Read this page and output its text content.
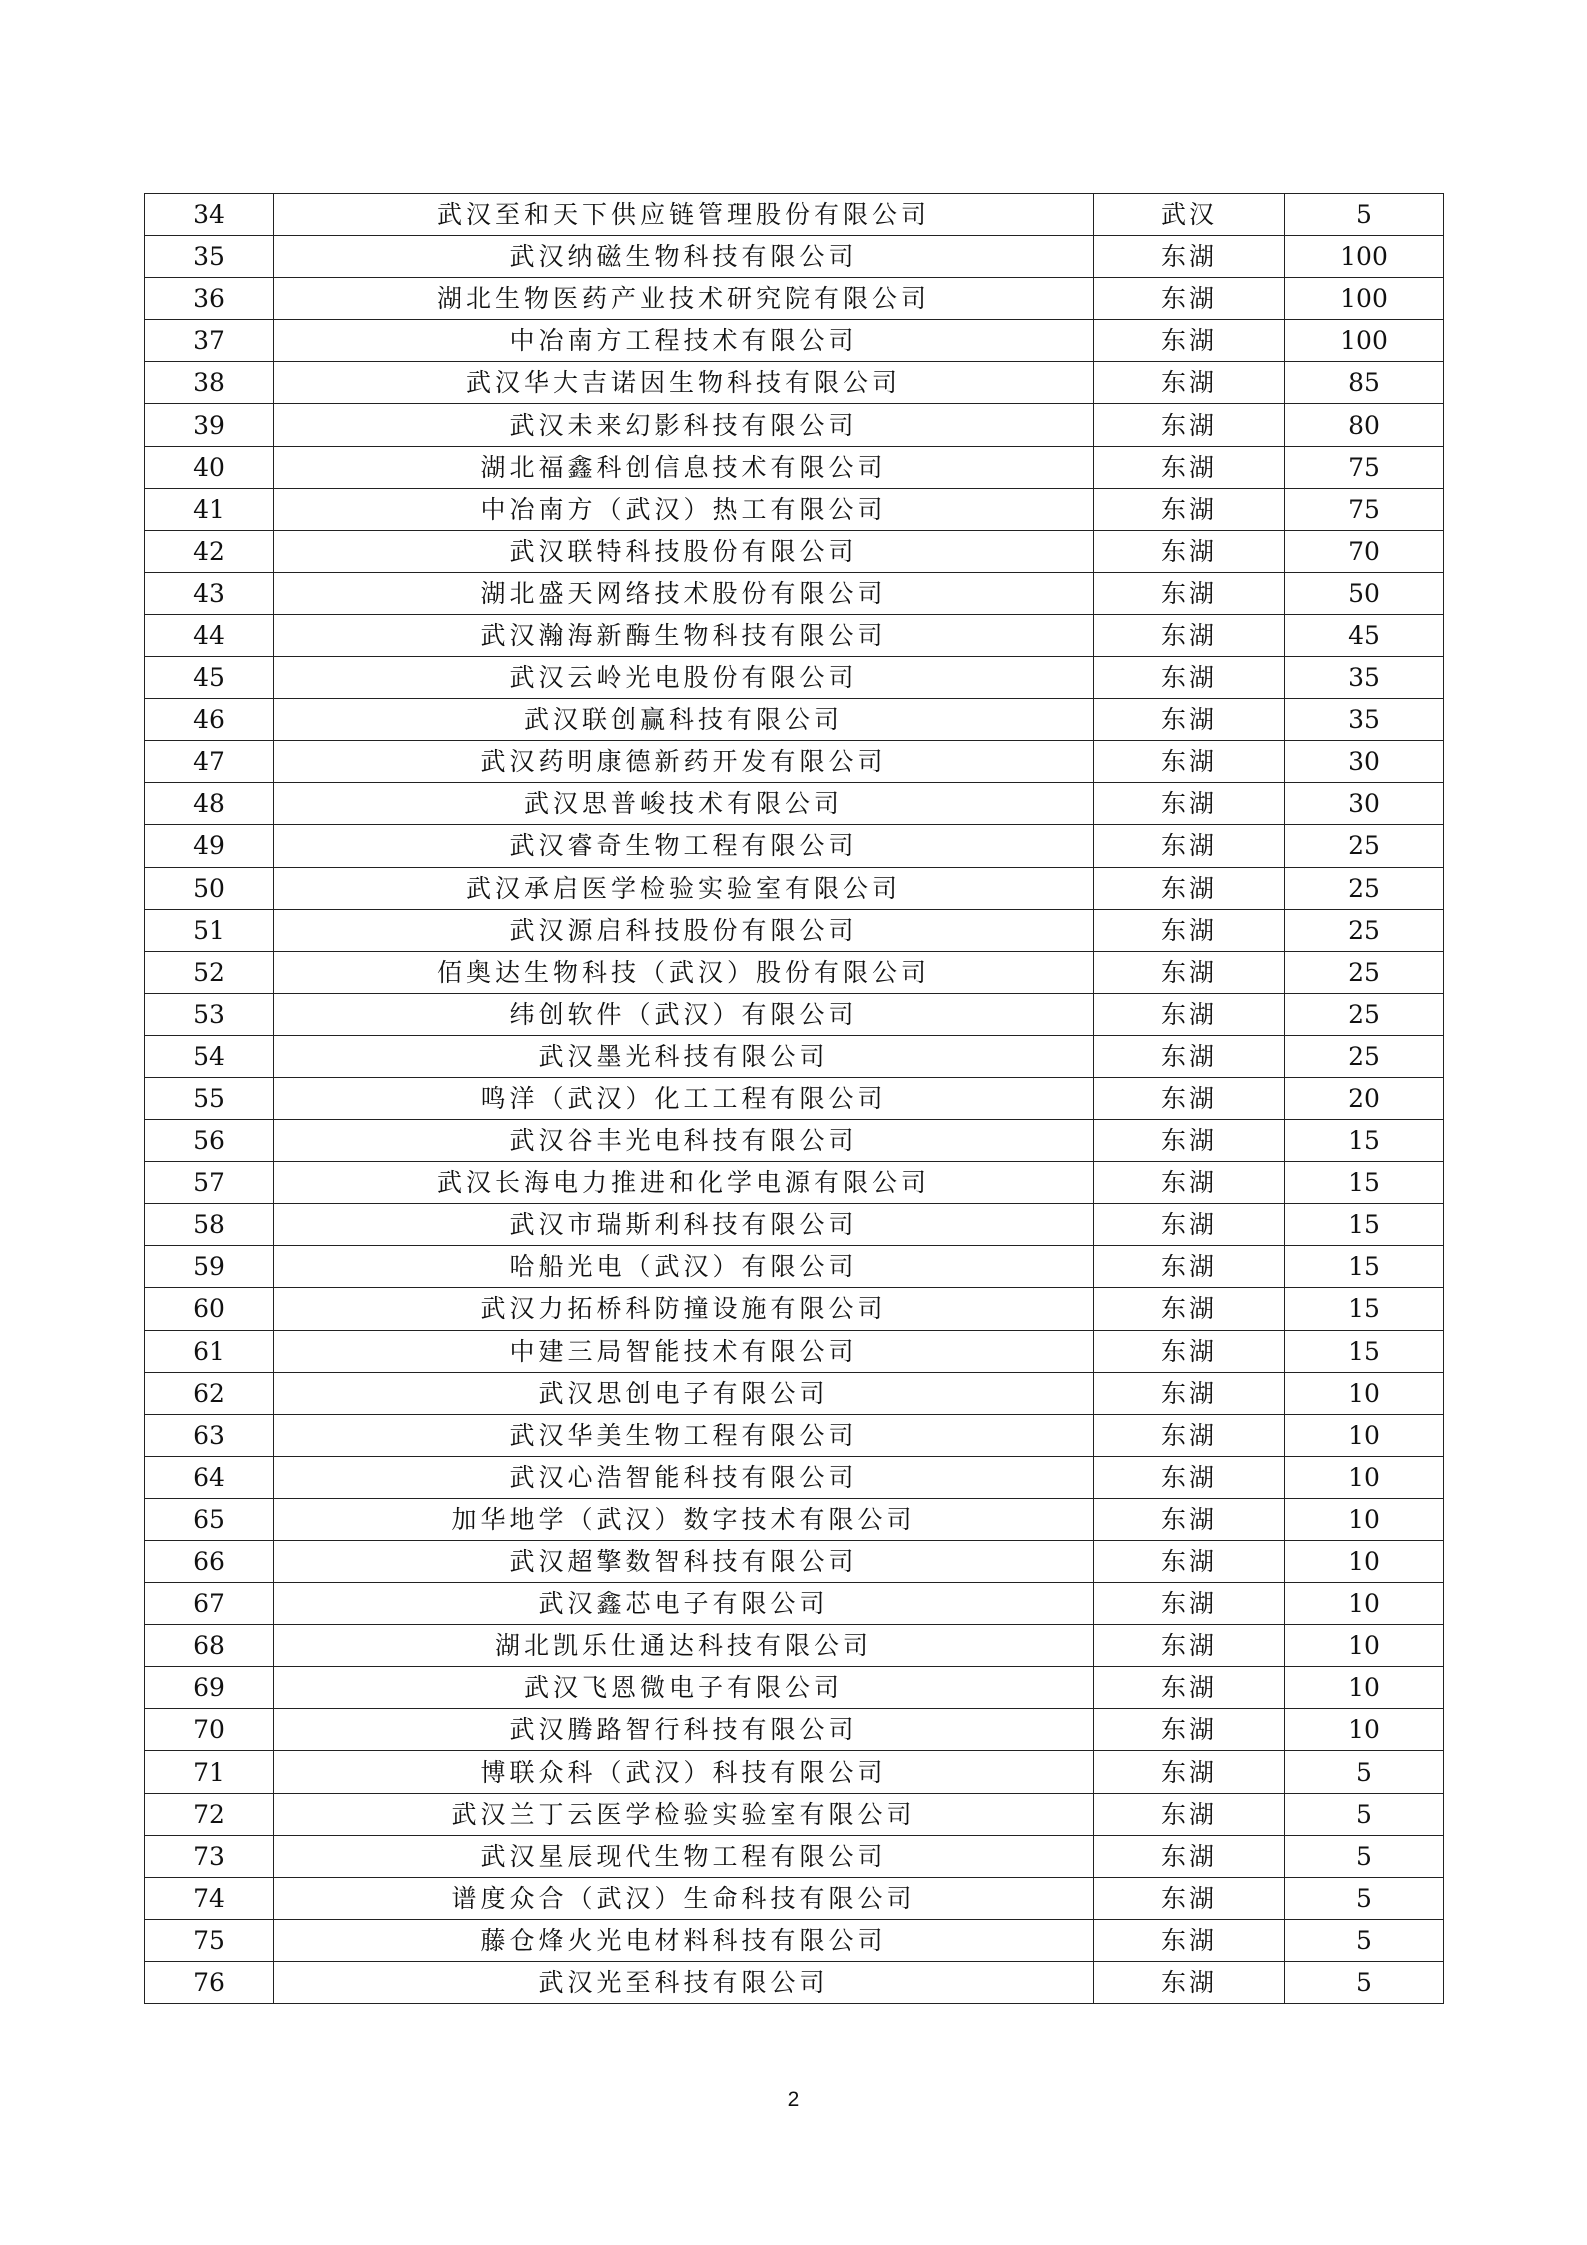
34	武汉至和天下供应链管理股份有限公司	武汉	5
35	武汉纳磁生物科技有限公司	东湖	100
36	湖北生物医药产业技术研究院有限公司	东湖	100
37	中冶南方工程技术有限公司	东湖	100
38	武汉华大吉诺因生物科技有限公司	东湖	85
39	武汉未来幻影科技有限公司	东湖	80
40	湖北福鑫科创信息技术有限公司	东湖	75
41	中冶南方（武汉）热工有限公司	东湖	75
42	武汉联特科技股份有限公司	东湖	70
43	湖北盛天网络技术股份有限公司	东湖	50
44	武汉瀚海新酶生物科技有限公司	东湖	45
45	武汉云岭光电股份有限公司	东湖	35
46	武汉联创赢科技有限公司	东湖	35
47	武汉药明康德新药开发有限公司	东湖	30
48	武汉思普峻技术有限公司	东湖	30
49	武汉睿奇生物工程有限公司	东湖	25
50	武汉承启医学检验实验室有限公司	东湖	25
51	武汉源启科技股份有限公司	东湖	25
52	佰奥达生物科技（武汉）股份有限公司	东湖	25
53	纬创软件（武汉）有限公司	东湖	25
54	武汉墨光科技有限公司	东湖	25
55	鸣洋（武汉）化工工程有限公司	东湖	20
56	武汉谷丰光电科技有限公司	东湖	15
57	武汉长海电力推进和化学电源有限公司	东湖	15
58	武汉市瑞斯利科技有限公司	东湖	15
59	哈船光电（武汉）有限公司	东湖	15
60	武汉力拓桥科防撞设施有限公司	东湖	15
61	中建三局智能技术有限公司	东湖	15
62	武汉思创电子有限公司	东湖	10
63	武汉华美生物工程有限公司	东湖	10
64	武汉心浩智能科技有限公司	东湖	10
65	加华地学（武汉）数字技术有限公司	东湖	10
66	武汉超擎数智科技有限公司	东湖	10
67	武汉鑫芯电子有限公司	东湖	10
68	湖北凯乐仕通达科技有限公司	东湖	10
69	武汉飞恩微电子有限公司	东湖	10
70	武汉腾路智行科技有限公司	东湖	10
71	博联众科（武汉）科技有限公司	东湖	5
72	武汉兰丁云医学检验实验室有限公司	东湖	5
73	武汉星辰现代生物工程有限公司	东湖	5
74	谱度众合（武汉）生命科技有限公司	东湖	5
75	藤仓烽火光电材料科技有限公司	东湖	5
76	武汉光至科技有限公司	东湖	5
2
